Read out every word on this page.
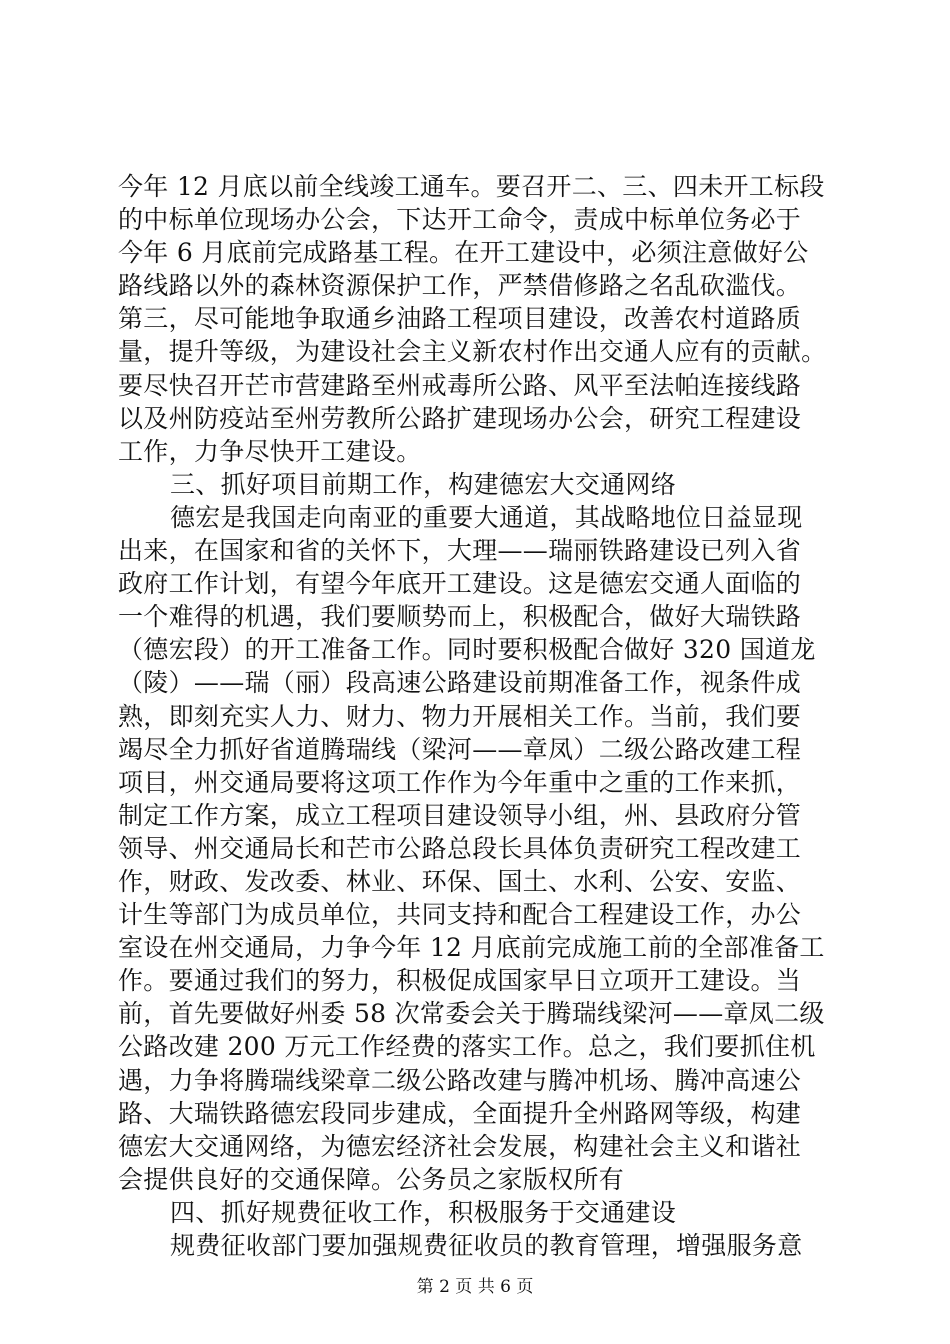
今年 12 月底以前全线竣工通车。要召开二、三、四未开工标段
的中标单位现场办公会，下达开工命令，责成中标单位务必于
今年 6 月底前完成路基工程。在开工建设中，必须注意做好公
路线路以外的森林资源保护工作，严禁借修路之名乱砍滥伐。
第三，尽可能地争取通乡油路工程项目建设，改善农村道路质
量，提升等级，为建设社会主义新农村作出交通人应有的贡献。
要尽快召开芒市营建路至州戒毒所公路、风平至法帕连接线路
以及州防疫站至州劳教所公路扩建现场办公会，研究工程建设
工作，力争尽快开工建设。
三、抓好项目前期工作，构建德宏大交通网络
德宏是我国走向南亚的重要大通道，其战略地位日益显现
出来，在国家和省的关怀下，大理——瑞丽铁路建设已列入省
政府工作计划，有望今年底开工建设。这是德宏交通人面临的
一个难得的机遇，我们要顺势而上，积极配合，做好大瑞铁路
（德宏段）的开工准备工作。同时要积极配合做好 320 国道龙
（陵）——瑞（丽）段高速公路建设前期准备工作，视条件成
熟，即刻充实人力、财力、物力开展相关工作。当前，我们要
竭尽全力抓好省道腾瑞线（梁河——章凤）二级公路改建工程
项目，州交通局要将这项工作作为今年重中之重的工作来抓，
制定工作方案，成立工程项目建设领导小组，州、县政府分管
领导、州交通局长和芒市公路总段长具体负责研究工程改建工
作，财政、发改委、林业、环保、国土、水利、公安、安监、
计生等部门为成员单位，共同支持和配合工程建设工作，办公
室设在州交通局，力争今年 12 月底前完成施工前的全部准备工
作。要通过我们的努力，积极促成国家早日立项开工建设。当
前，首先要做好州委 58 次常委会关于腾瑞线梁河——章凤二级
公路改建 200 万元工作经费的落实工作。总之，我们要抓住机
遇，力争将腾瑞线梁章二级公路改建与腾冲机场、腾冲高速公
路、大瑞铁路德宏段同步建成，全面提升全州路网等级，构建
德宏大交通网络，为德宏经济社会发展，构建社会主义和谐社
会提供良好的交通保障。公务员之家版权所有
四、抓好规费征收工作，积极服务于交通建设
规费征收部门要加强规费征收员的教育管理，增强服务意
第 2 页 共 6 页
